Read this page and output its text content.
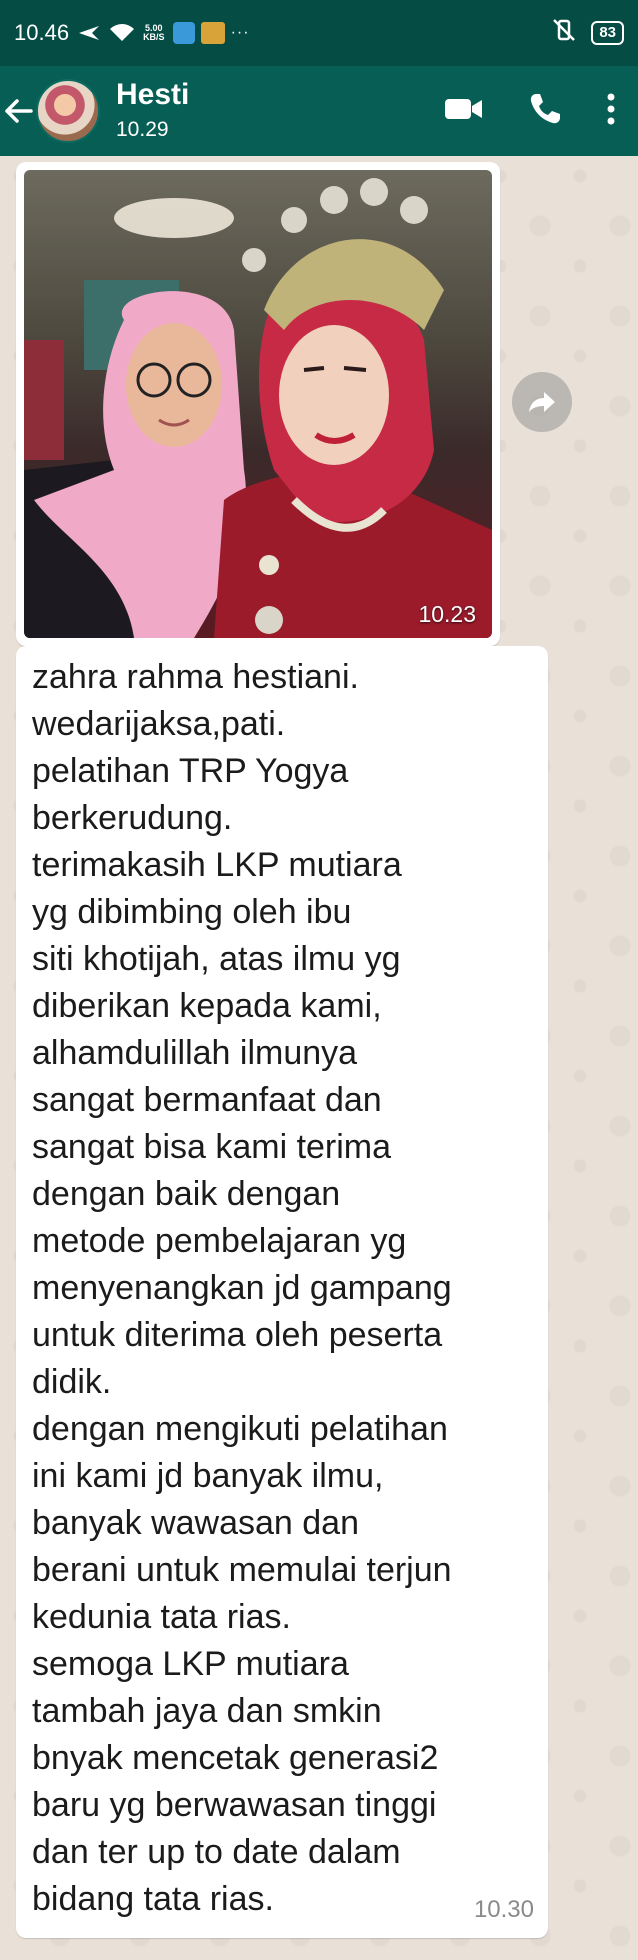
10.46	5.00
KB/S	···	83
Hesti
10.29
10.23
zahra rahma hestiani.
wedarijaksa,pati.
pelatihan TRP Yogya
berkerudung.
terimakasih LKP mutiara
yg dibimbing oleh ibu
siti khotijah, atas ilmu yg
diberikan kepada kami,
alhamdulillah ilmunya
sangat bermanfaat dan
sangat bisa kami terima
dengan baik dengan
metode pembelajaran yg
menyenangkan jd gampang
untuk diterima oleh peserta
didik.
dengan mengikuti pelatihan
ini kami jd banyak ilmu,
banyak wawasan dan
berani untuk memulai terjun
kedunia tata rias.
semoga LKP mutiara
tambah jaya dan smkin
bnyak mencetak generasi2
baru yg berwawasan tinggi
dan ter up to date dalam
bidang tata rias.	10.30
